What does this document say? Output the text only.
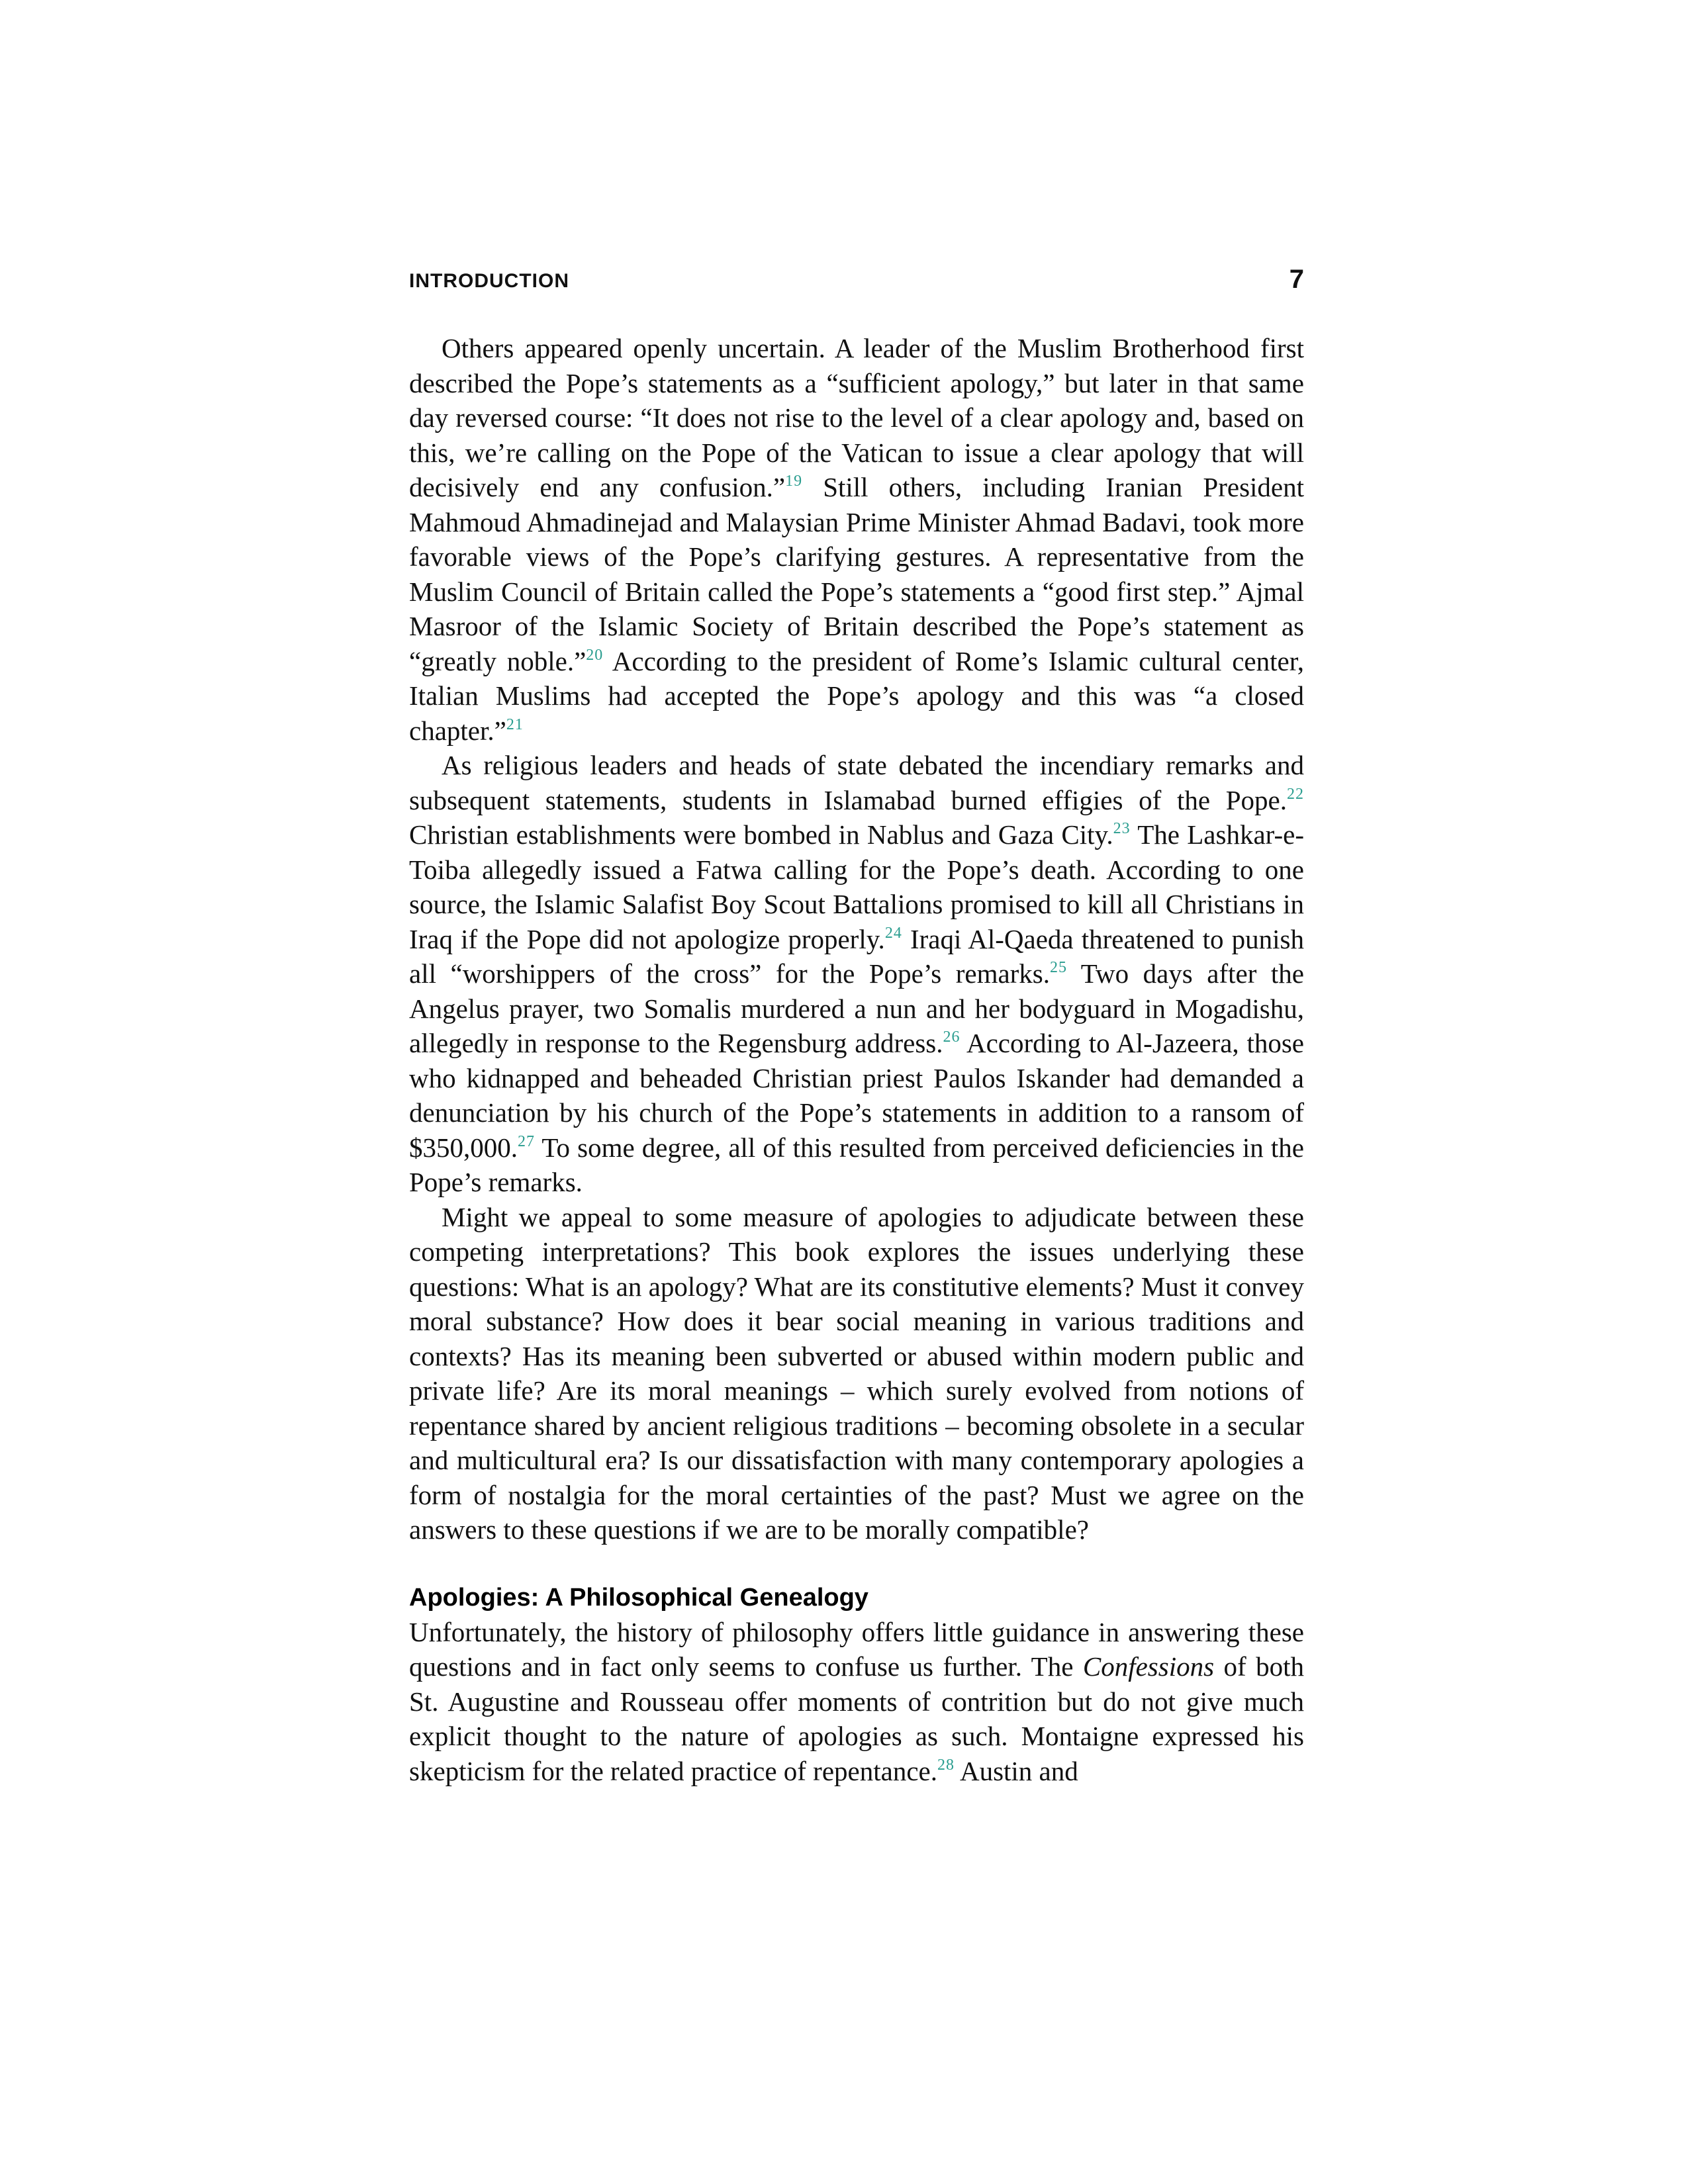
INTRODUCTION	7

Others appeared openly uncertain. A leader of the Muslim Brotherhood first described the Pope’s statements as a “sufficient apology,” but later in that same day reversed course: “It does not rise to the level of a clear apology and, based on this, we’re calling on the Pope of the Vatican to issue a clear apology that will decisively end any confusion.”$^{19}$ Still others, including Iranian President Mahmoud Ahmadinejad and Malaysian Prime Minister Ahmad Badavi, took more favorable views of the Pope’s clarifying gestures. A representative from the Muslim Council of Britain called the Pope’s statements a “good first step.” Ajmal Masroor of the Islamic Society of Britain described the Pope’s statement as “greatly noble.”$^{20}$ According to the president of Rome’s Islamic cultural center, Italian Muslims had accepted the Pope’s apology and this was “a closed chapter.”$^{21}$

As religious leaders and heads of state debated the incendiary remarks and subsequent statements, students in Islamabad burned effigies of the Pope.$^{22}$ Christian establishments were bombed in Nablus and Gaza City.$^{23}$ The Lashkar-e-Toiba allegedly issued a Fatwa calling for the Pope’s death. According to one source, the Islamic Salafist Boy Scout Battalions promised to kill all Christians in Iraq if the Pope did not apologize properly.$^{24}$ Iraqi Al-Qaeda threatened to punish all “worshippers of the cross” for the Pope’s remarks.$^{25}$ Two days after the Angelus prayer, two Somalis murdered a nun and her bodyguard in Mogadishu, allegedly in response to the Regensburg address.$^{26}$ According to Al-Jazeera, those who kidnapped and beheaded Christian priest Paulos Iskander had demanded a denunciation by his church of the Pope’s statements in addition to a ransom of $350,000.27 To some degree, all of this resulted from perceived deficiencies in the Pope’s remarks.

Might we appeal to some measure of apologies to adjudicate between these competing interpretations? This book explores the issues underlying these questions: What is an apology? What are its constitutive elements? Must it convey moral substance? How does it bear social meaning in various traditions and contexts? Has its meaning been subverted or abused within modern public and private life? Are its moral meanings – which surely evolved from notions of repentance shared by ancient religious traditions – becoming obsolete in a secular and multicultural era? Is our dissatisfaction with many contemporary apologies a form of nostalgia for the moral certainties of the past? Must we agree on the answers to these questions if we are to be morally compatible?

Apologies: A Philosophical Genealogy

Unfortunately, the history of philosophy offers little guidance in answering these questions and in fact only seems to confuse us further. The Confessions of both St. Augustine and Rousseau offer moments of contrition but do not give much explicit thought to the nature of apologies as such. Montaigne expressed his skepticism for the related practice of repentance.$^{28}$ Austin and
